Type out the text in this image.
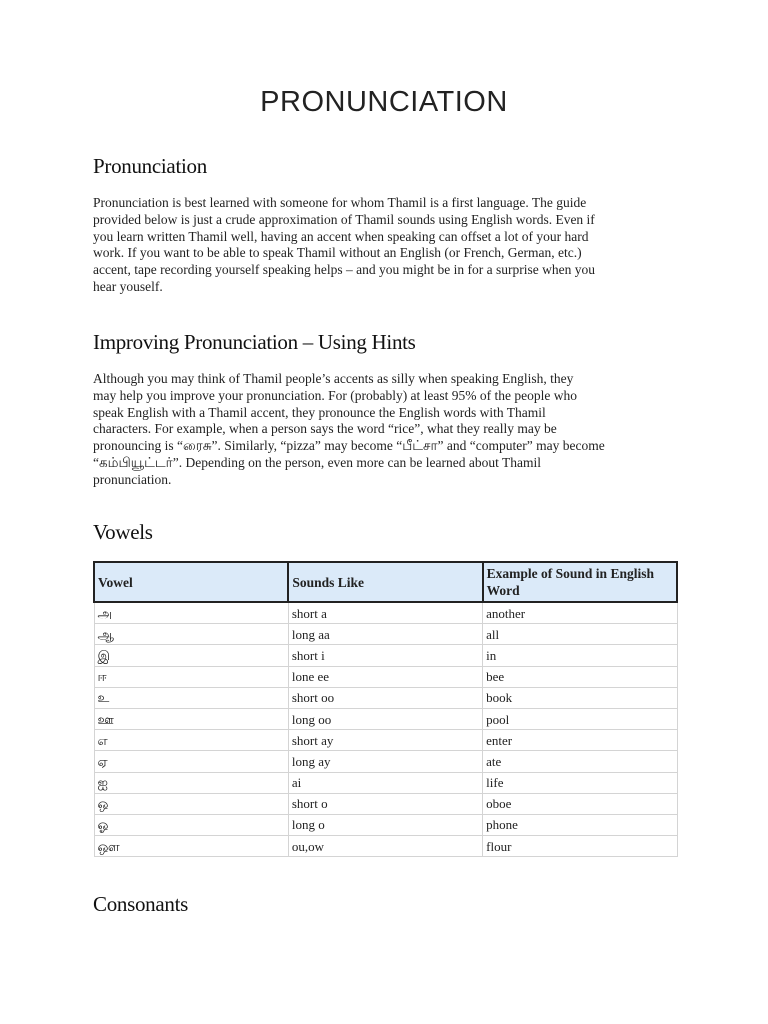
PRONUNCIATION
Pronunciation
Pronunciation is best learned with someone for whom Thamil is a first language. The guide
provided below is just a crude approximation of Thamil sounds using English words. Even if
you learn written Thamil well, having an accent when speaking can offset a lot of your hard
work. If you want to be able to speak Thamil without an English (or French, German, etc.)
accent, tape recording yourself speaking helps – and you might be in for a surprise when you
hear youself.
Improving Pronunciation – Using Hints
Although you may think of Thamil people’s accents as silly when speaking English, they
may help you improve your pronunciation. For (probably) at least 95% of the people who
speak English with a Thamil accent, they pronounce the English words with Thamil
characters. For example, when a person says the word “rice”, what they really may be
pronouncing is “ரைசு”. Similarly, “pizza” may become “பீட்சா” and “computer” may become
“கம்பியூட்டர்”. Depending on the person, even more can be learned about Thamil
pronunciation.
Vowels
Vowel	Sounds Like	Example of Sound in English Word
அ	short a	another
ஆ	long aa	all
இ	short i	in
ஈ	lone ee	bee
உ	short oo	book
ஊ	long oo	pool
எ	short ay	enter
ஏ	long ay	ate
ஐ	ai	life
ஒ	short o	oboe
ஓ	long o	phone
ஔ	ou,ow	flour
Consonants
